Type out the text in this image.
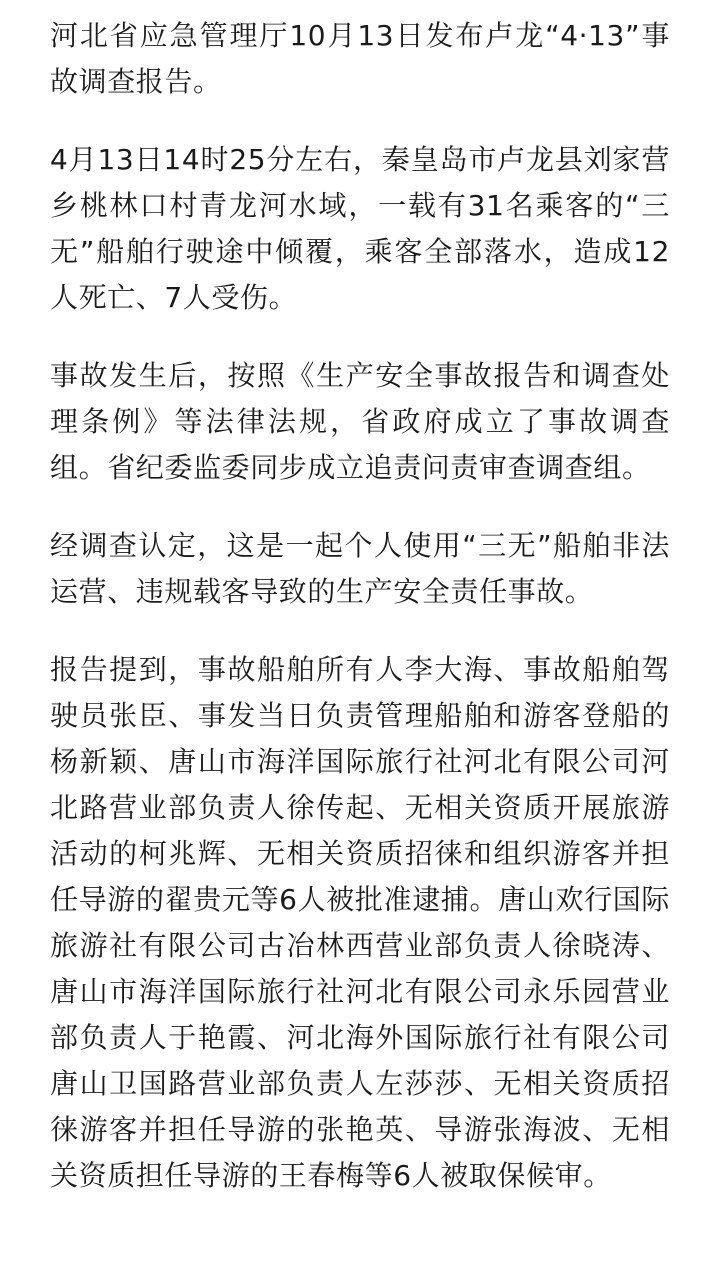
河北省应急管理厅10月13日发布卢龙“4·13”事故调查报告。

4月13日14时25分左右，秦皇岛市卢龙县刘家营乡桃林口村青龙河水域，一载有31名乘客的“三无”船舶行驶途中倾覆，乘客全部落水，造成12人死亡、7人受伤。

事故发生后，按照《生产安全事故报告和调查处理条例》等法律法规，省政府成立了事故调查组。省纪委监委同步成立追责问责审查调查组。

经调查认定，这是一起个人使用“三无”船舶非法运营、违规载客导致的生产安全责任事故。

报告提到，事故船舶所有人李大海、事故船舶驾驶员张臣、事发当日负责管理船舶和游客登船的杨新颖、唐山市海洋国际旅行社河北有限公司河北路营业部负责人徐传起、无相关资质开展旅游活动的柯兆辉、无相关资质招徕和组织游客并担任导游的翟贵元等6人被批准逮捕。唐山欢行国际旅游社有限公司古冶林西营业部负责人徐晓涛、唐山市海洋国际旅行社河北有限公司永乐园营业部负责人于艳霞、河北海外国际旅行社有限公司唐山卫国路营业部负责人左莎莎、无相关资质招徕游客并担任导游的张艳英、导游张海波、无相关资质担任导游的王春梅等6人被取保候审。
